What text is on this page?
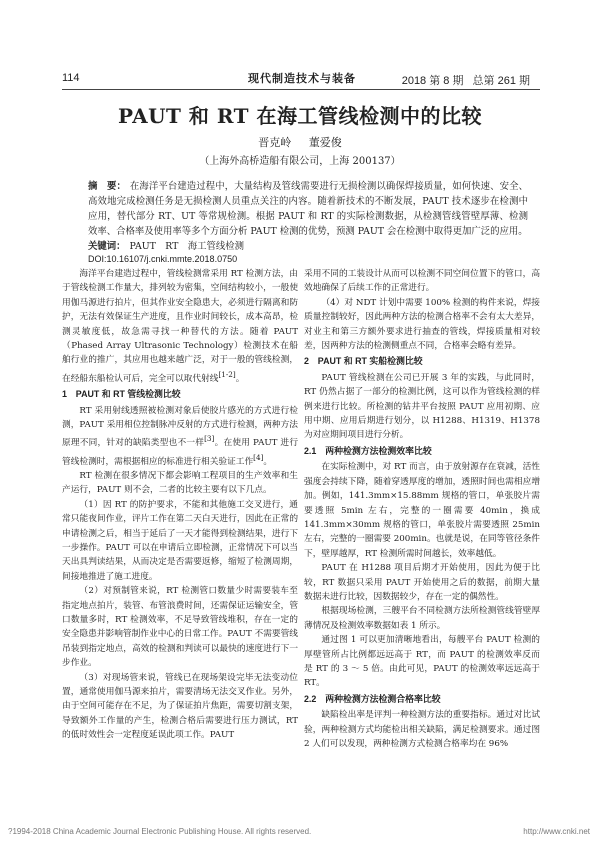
114	现代制造技术与装备	2018 第 8 期 总第 261 期
PAUT 和 RT 在海工管线检测中的比较
晋克岭 董爱俊
（上海外高桥造船有限公司，上海 200137）
摘　要： 在海洋平台建造过程中，大量结构及管线需要进行无损检测以确保焊接质量，如何快速、安全、高效地完成检测任务是无损检测人员重点关注的内容。随着新技术的不断发展，PAUT 技术逐步在检测中应用，替代部分 RT、UT 等常规检测。根据 PAUT 和 RT 的实际检测数据，从检测管线管壁厚薄、检测效率、合格率及使用率等多个方面分析 PAUT 检测的优势，预测 PAUT 会在检测中取得更加广泛的应用。
关键词： PAUT　RT　海工管线检测
DOI:10.16107/j.cnki.mmte.2018.0750

海洋平台建造过程中，管线检测常采用 RT 检测方法，由于管线检测工作量大，排列较为密集，空间结构较小，一般使用伽马源进行拍片，但其作业安全隐患大，必须进行隔离和防护，无法有效保证生产进度，且作业时间较长，成本高昂，检测灵敏度低，故急需寻找一种替代的方法。随着 PAUT（Phased Array Ultrasonic Technology）检测技术在船舶行业的推广，其应用也越来越广泛，对于一般的管线检测，在经船东船检认可后，完全可以取代射线[1-2]。

1　PAUT 和 RT 管线检测比较

RT 采用射线透照被检测对象后使胶片感光的方式进行检测，PAUT 采用相位控制脉冲反射的方式进行检测，两种方法原理不同，针对的缺陷类型也不一样[3]。在使用 PAUT 进行管线检测时，需根据相应的标准进行相关验证工作[4]。

RT 检测在很多情况下都会影响工程项目的生产效率和生产运行，PAUT 则不会，二者的比较主要有以下几点。

（1）因 RT 的防护要求，不能和其他施工交叉进行，通常只能夜间作业，评片工作在第二天白天进行，因此在正常的申请检测之后，相当于延后了一天才能得到检测结果，进行下一步操作。PAUT 可以在申请后立即检测，正常情况下可以当天出具判读结果，从而决定是否需要返修，缩短了检测周期，间接地推进了施工进度。

（2）对预制管来说，RT 检测管口数量少时需要装车至指定地点拍片，装管、布管浪费时间，还需保证运输安全，管口数量多时，RT 检测效率，不足导致管线堆积，存在一定的安全隐患并影响管制作业中心的日常工作。PAUT 不需要管线吊装到指定地点，高效的检测和判读可以最快的速度进行下一步作业。

（3）对现场管来说，管线已在现场架设完毕无法变动位置，通常使用伽马源来拍片，需要清场无法交叉作业。另外，由于空间可能存在不足，为了保证拍片焦距，需要切割支架，导致额外工作量的产生，检测合格后需要进行压力测试，RT 的低时效性会一定程度延误此项工作。PAUT

采用不同的工装设计从而可以检测不同空间位置下的管口，高效地确保了后续工作的正常进行。

（4）对 NDT 计划中需要 100% 检测的构件来说，焊接质量控制较好，因此两种方法的检测合格率不会有太大差异，对业主和第三方额外要求进行抽查的管线，焊接质量相对较差，因两种方法的检测侧重点不同，合格率会略有差异。

2　PAUT 和 RT 实船检测比较

PAUT 管线检测在公司已开展 3 年的实践，与此同时，RT 仍然占据了一部分的检测比例，这可以作为管线检测的样例来进行比较。所检测的钻井平台按照 PAUT 应用初期、应用中期、应用后期进行划分，以 H1288、H1319、H1378 为对应期间项目进行分析。

2.1　两种检测方法检测效率比较

在实际检测中，对 RT 而言，由于放射源存在衰减，活性强度会持续下降，随着穿透厚度的增加，透照时间也需相应增加。例如，141.3mm×15.88mm 规格的管口，单张胶片需要透照 5min 左右，完整的一圈需要 40min，换成 141.3mm×30mm 规格的管口，单张胶片需要透照 25min 左右，完整的一圈需要 200min。也就是说，在同等管径条件下，壁厚越厚，RT 检测所需时间越长，效率越低。

PAUT 在 H1288 项目后期才开始使用，因此为便于比较，RT 数据只采用 PAUT 开始使用之后的数据，前期大量数据未进行比较，因数据较少，存在一定的偶然性。

根据现场检测，三艘平台不同检测方法所检测管线管壁厚薄情况及检测效率数据如表 1 所示。

通过图 1 可以更加清晰地看出，每艘平台 PAUT 检测的厚壁管所占比例都远远高于 RT，而 PAUT 的检测效率反而是 RT 的 3 ～ 5 倍。由此可见，PAUT 的检测效率远远高于 RT。

2.2　两种检测方法检测合格率比较

缺陷检出率是评判一种检测方法的重要指标。通过对比试验，两种检测方式均能检出相关缺陷，满足检测要求。通过图 2 人们可以发现，两种检测方式检测合格率均在 96%

?1994-2018 China Academic Journal Electronic Publishing House. All rights reserved.	http://www.cnki.net
